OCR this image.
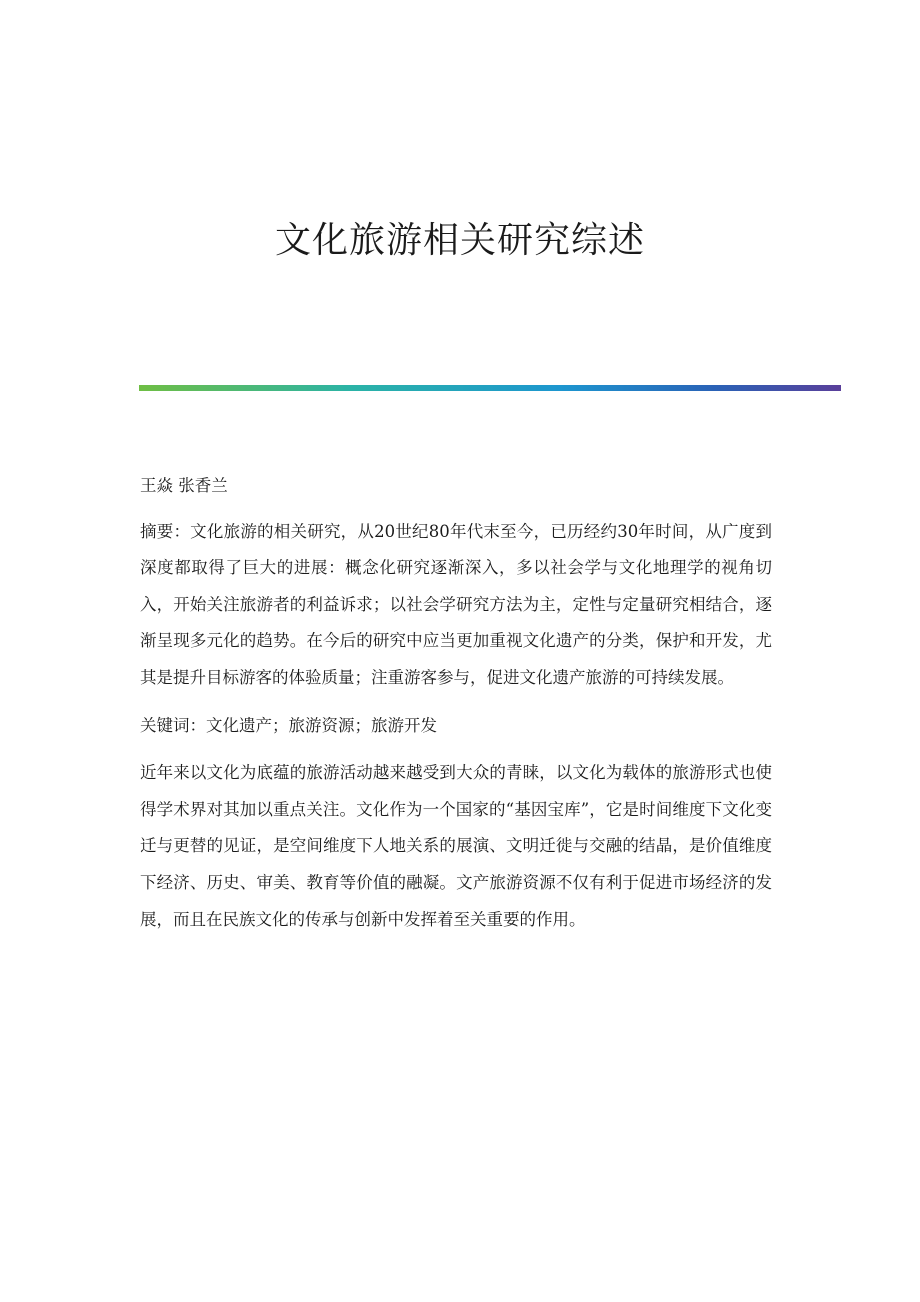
文化旅游相关研究综述

王焱 张香兰

摘要：文化旅游的相关研究，从20世纪80年代末至今，已历经约30年时间，从广度到深度都取得了巨大的进展：概念化研究逐渐深入，多以社会学与文化地理学的视角切入，开始关注旅游者的利益诉求；以社会学研究方法为主，定性与定量研究相结合，逐渐呈现多元化的趋势。在今后的研究中应当更加重视文化遗产的分类，保护和开发，尤其是提升目标游客的体验质量；注重游客参与，促进文化遗产旅游的可持续发展。

关键词：文化遗产；旅游资源；旅游开发

近年来以文化为底蕴的旅游活动越来越受到大众的青睐，以文化为载体的旅游形式也使得学术界对其加以重点关注。文化作为一个国家的“基因宝库”，它是时间维度下文化变迁与更替的见证，是空间维度下人地关系的展演、文明迁徙与交融的结晶，是价值维度下经济、历史、审美、教育等价值的融凝。文产旅游资源不仅有利于促进市场经济的发展，而且在民族文化的传承与创新中发挥着至关重要的作用。
